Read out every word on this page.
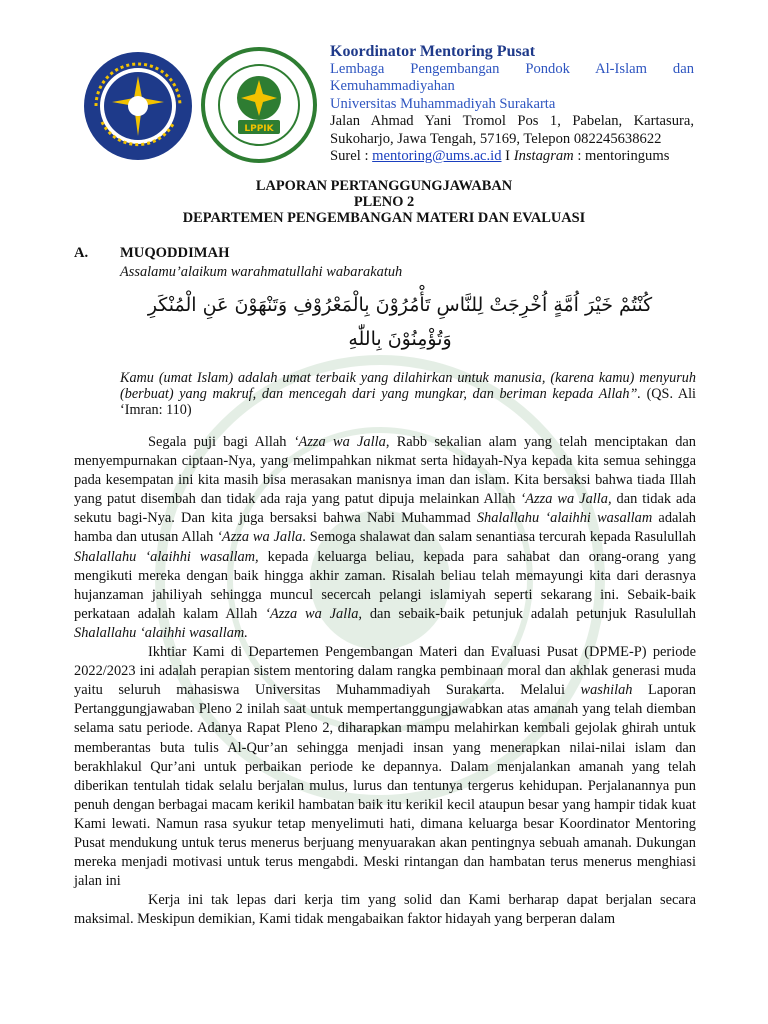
LPPIK
Koordinator Mentoring Pusat
Lembaga Pengembangan Pondok Al-Islam dan Kemuhammadiyahan
Universitas Muhammadiyah Surakarta
Jalan Ahmad Yani Tromol Pos 1, Pabelan, Kartasura, Sukoharjo, Jawa Tengah, 57169, Telepon 082245638622
Surel : mentoring@ums.ac.id I Instagram : mentoringums
LAPORAN PERTANGGUNGJAWABAN
PLENO 2
DEPARTEMEN PENGEMBANGAN MATERI DAN EVALUASI
A. MUQODDIMAH
Assalamu’alaikum warahmatullahi wabarakatuh
كُنْتُمْ خَيْرَ اُمَّةٍ اُخْرِجَتْ لِلنَّاسِ تَأْمُرُوْنَ بِالْمَعْرُوْفِ وَتَنْهَوْنَ عَنِ الْمُنْكَرِ
وَتُؤْمِنُوْنَ بِاللّٰهِ
Kamu (umat Islam) adalah umat terbaik yang dilahirkan untuk manusia, (karena kamu) menyuruh (berbuat) yang makruf, dan mencegah dari yang mungkar, dan beriman kepada Allah”. (QS. Ali ‘Imran: 110)

Segala puji bagi Allah ‘Azza wa Jalla, Rabb sekalian alam yang telah menciptakan dan menyempurnakan ciptaan-Nya, yang melimpahkan nikmat serta hidayah-Nya kepada kita semua sehingga pada kesempatan ini kita masih bisa merasakan manisnya iman dan islam. Kita bersaksi bahwa tiada Illah yang patut disembah dan tidak ada raja yang patut dipuja melainkan Allah ‘Azza wa Jalla, dan tidak ada sekutu bagi-Nya. Dan kita juga bersaksi bahwa Nabi Muhammad Shalallahu ‘alaihhi wasallam adalah hamba dan utusan Allah ‘Azza wa Jalla. Semoga shalawat dan salam senantiasa tercurah kepada Rasulullah Shalallahu ‘alaihhi wasallam, kepada keluarga beliau, kepada para sahabat dan orang-orang yang mengikuti mereka dengan baik hingga akhir zaman. Risalah beliau telah memayungi kita dari derasnya hujanzaman jahiliyah sehingga muncul secercah pelangi islamiyah seperti sekarang ini. Sebaik-baik perkataan adalah kalam Allah ‘Azza wa Jalla, dan sebaik-baik petunjuk adalah petunjuk Rasulullah Shalallahu ‘alaihhi wasallam.

Ikhtiar Kami di Departemen Pengembangan Materi dan Evaluasi Pusat (DPME-P) periode 2022/2023 ini adalah perapian sistem mentoring dalam rangka pembinaan moral dan akhlak generasi muda yaitu seluruh mahasiswa Universitas Muhammadiyah Surakarta. Melalui washilah Laporan Pertanggungjawaban Pleno 2 inilah saat untuk mempertanggungjawabkan atas amanah yang telah diemban selama satu periode. Adanya Rapat Pleno 2, diharapkan mampu melahirkan kembali gejolak ghirah untuk memberantas buta tulis Al-Qur’an sehingga menjadi insan yang menerapkan nilai-nilai islam dan berakhlakul Qur’ani untuk perbaikan periode ke depannya. Dalam menjalankan amanah yang telah diberikan tentulah tidak selalu berjalan mulus, lurus dan tentunya tergerus kehidupan. Perjalanannya pun penuh dengan berbagai macam kerikil hambatan baik itu kerikil kecil ataupun besar yang hampir tidak kuat Kami lewati. Namun rasa syukur tetap menyelimuti hati, dimana keluarga besar Koordinator Mentoring Pusat mendukung untuk terus menerus berjuang menyuarakan akan pentingnya sebuah amanah. Dukungan mereka menjadi motivasi untuk terus mengabdi. Meski rintangan dan hambatan terus menerus menghiasi jalan ini

Kerja ini tak lepas dari kerja tim yang solid dan Kami berharap dapat berjalan secara maksimal. Meskipun demikian, Kami tidak mengabaikan faktor hidayah yang berperan dalam
